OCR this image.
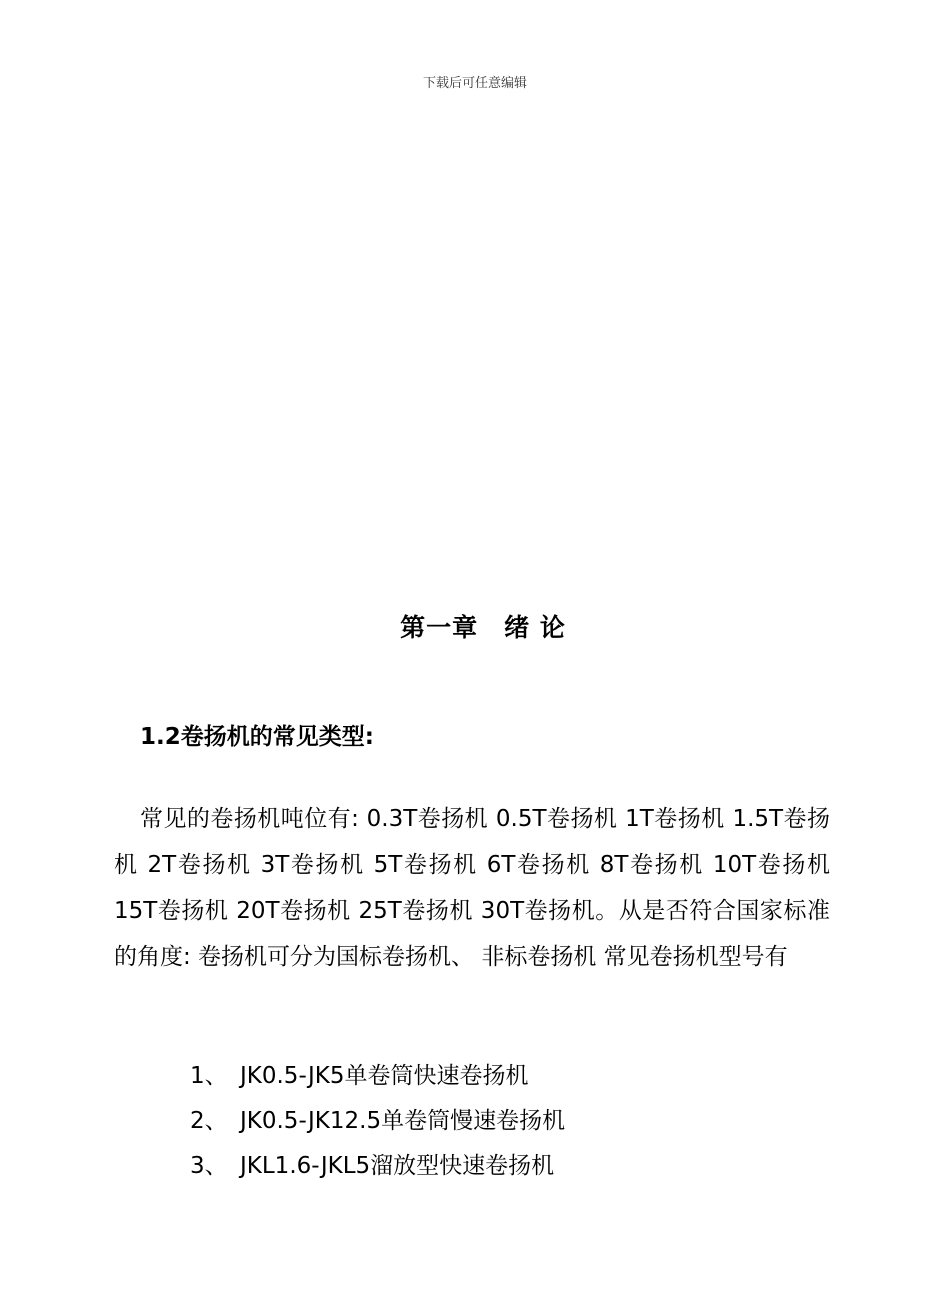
下载后可任意编辑
第一章　绪 论
1.2卷扬机的常见类型:
常见的卷扬机吨位有: 0.3T卷扬机 0.5T卷扬机 1T卷扬机 1.5T卷扬机 2T卷扬机 3T卷扬机 5T卷扬机 6T卷扬机 8T卷扬机 10T卷扬机 15T卷扬机 20T卷扬机 25T卷扬机 30T卷扬机。从是否符合国家标准的角度: 卷扬机可分为国标卷扬机、 非标卷扬机 常见卷扬机型号有
1、 JK0.5-JK5单卷筒快速卷扬机
2、 JK0.5-JK12.5单卷筒慢速卷扬机
3、 JKL1.6-JKL5溜放型快速卷扬机
